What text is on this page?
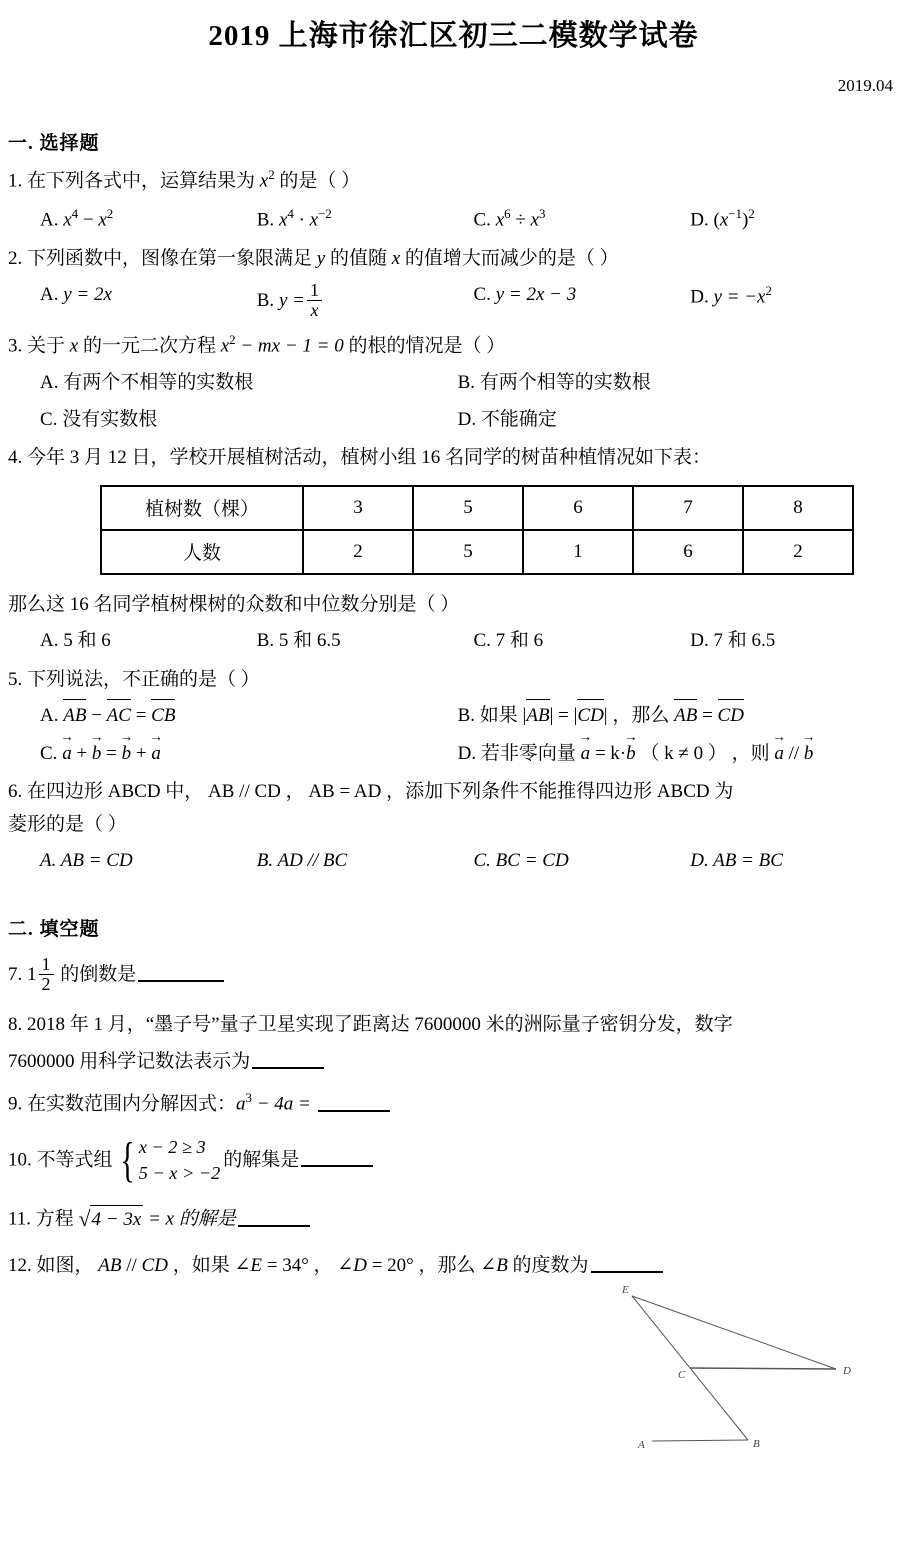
2019 上海市徐汇区初三二模数学试卷
2019.04
一. 选择题
1. 在下列各式中，运算结果为 $x^2$ 的是（ ）
A. $x^4 - x^2$	B. $x^4 \cdot x^{-2}$	C. $x^6 \div x^3$	D. $(x^{-1})^2$
2. 下列函数中，图像在第一象限满足 y 的值随 x 的值增大而减少的是（ ）
A. y = 2x	B. $y = \frac{1}{x}$	C. y = 2x − 3	D. $y = -x^2$
3. 关于 x 的一元二次方程 $x^2$ − mx − 1 = 0 的根的情况是（ ）
A. 有两个不相等的实数根	B. 有两个相等的实数根
C. 没有实数根	D. 不能确定
4. 今年 3 月 12 日，学校开展植树活动，植树小组 16 名同学的树苗种植情况如下表：
植树数（棵）	3	5	6	7	8
人数	2	5	1	6	2
那么这 16 名同学植树棵树的众数和中位数分别是（ ）
A. 5 和 6	B. 5 和 6.5	C. 7 和 6	D. 7 和 6.5
5. 下列说法，不正确的是（ ）
A. AB − AC = CB	B. 如果 |AB| = |CD| ，那么 AB = CD
C. a → + b → = b → + a →	D. 若非零向量 a → = k·b → （ k ≠ 0 ） ，则 a → // b →
6. 在四边形 ABCD 中， AB // CD ， AB = AD ，添加下列条件不能推得四边形 ABCD 为
菱形的是（ ）
A. AB = CD	B. AD // BC	C. BC = CD	D. AB = BC
二. 填空题
7. $1 \frac{1}{2}$ 的倒数是
8. 2018 年 1 月，“墨子号”量子卫星实现了距离达 7600000 米的洲际量子密钥分发，数字
7600000 用科学记数法表示为
9. 在实数范围内分解因式：$a^3 - 4a$ =
10. 不等式组 { x − 2 ≥ 3
5 − x > −2
的解集是
11. 方程 √4 − 3x = x 的解是
12. 如图， AB // CD ，如果 ∠E = 34° ， ∠D = 20° ，那么 ∠B 的度数为
E
C	D
A	B
